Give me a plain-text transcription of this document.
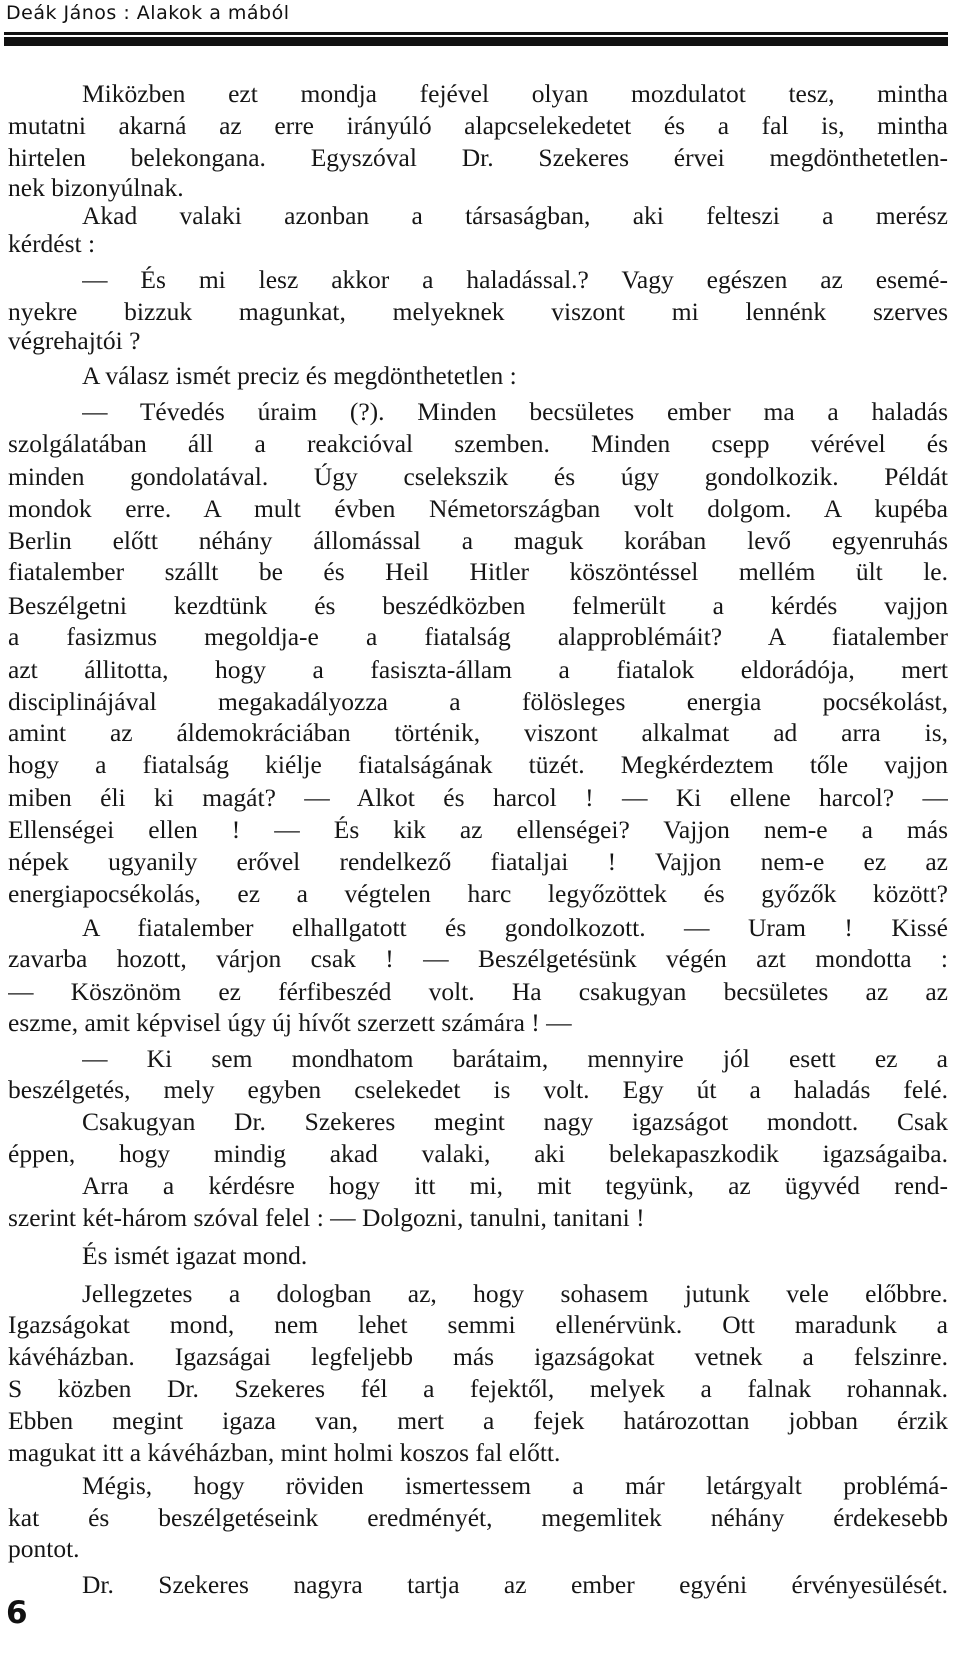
Deák János : Alakok a mából
Miközben ezt mondja fejével olyan mozdulatot tesz, mintha
mutatni akarná az erre irányúló alapcselekedetet és a fal is, mintha
hirtelen belekongana. Egyszóval Dr. Szekeres érvei megdönthetetlen-
nek bizonyúlnak.
Akad valaki azonban a társaságban, aki felteszi a merész
kérdést :
— És mi lesz akkor a haladással.? Vagy egészen az esemé-
nyekre bizzuk magunkat, melyeknek viszont mi lennénk szerves
végrehajtói ?
A válasz ismét preciz és megdönthetetlen :
— Tévedés úraim (?). Minden becsületes ember ma a haladás
szolgálatában áll a reakcióval szemben. Minden csepp vérével és
minden gondolatával. Úgy cselekszik és úgy gondolkozik. Példát
mondok erre. A mult évben Németországban volt dolgom. A kupéba
Berlin előtt néhány állomással a maguk korában levő egyenruhás
fiatalember szállt be és Heil Hitler köszöntéssel mellém ült le.
Beszélgetni kezdtünk és beszédközben felmerült a kérdés vajjon
a fasizmus megoldja-e a fiatalság alapproblémáit? A fiatalember
azt állitotta, hogy a fasiszta-állam a fiatalok eldorádója, mert
disciplinájával megakadályozza a fölösleges energia pocsékolást,
amint az áldemokráciában történik, viszont alkalmat ad arra is,
hogy a fiatalság kiélje fiatalságának tüzét. Megkérdeztem tőle vajjon
miben éli ki magát? — Alkot és harcol ! — Ki ellene harcol? —
Ellenségei ellen ! — És kik az ellenségei? Vajjon nem-e a más
népek ugyanily erővel rendelkező fiataljai ! Vajjon nem-e ez az
energiapocsékolás, ez a végtelen harc legyőzöttek és győzők között?
A fiatalember elhallgatott és gondolkozott. — Uram ! Kissé
zavarba hozott, várjon csak ! — Beszélgetésünk végén azt mondotta :
— Köszönöm ez férfibeszéd volt. Ha csakugyan becsületes az az
eszme, amit képvisel úgy új hívőt szerzett számára ! —
— Ki sem mondhatom barátaim, mennyire jól esett ez a
beszélgetés, mely egyben cselekedet is volt. Egy út a haladás felé.
Csakugyan Dr. Szekeres megint nagy igazságot mondott. Csak
éppen, hogy mindig akad valaki, aki belekapaszkodik igazságaiba.
Arra a kérdésre hogy itt mi, mit tegyünk, az ügyvéd rend-
szerint két-három szóval felel : — Dolgozni, tanulni, tanitani !
És ismét igazat mond.
Jellegzetes a dologban az, hogy sohasem jutunk vele előbbre.
Igazságokat mond, nem lehet semmi ellenérvünk. Ott maradunk a
kávéházban. Igazságai legfeljebb más igazságokat vetnek a felszinre.
S közben Dr. Szekeres fél a fejektől, melyek a falnak rohannak.
Ebben megint igaza van, mert a fejek határozottan jobban érzik
magukat itt a kávéházban, mint holmi koszos fal előtt.
Mégis, hogy röviden ismertessem a már letárgyalt problémá-
kat és beszélgetéseink eredményét, megemlitek néhány érdekesebb
pontot.
Dr. Szekeres nagyra tartja az ember egyéni érvényesülését.
6
